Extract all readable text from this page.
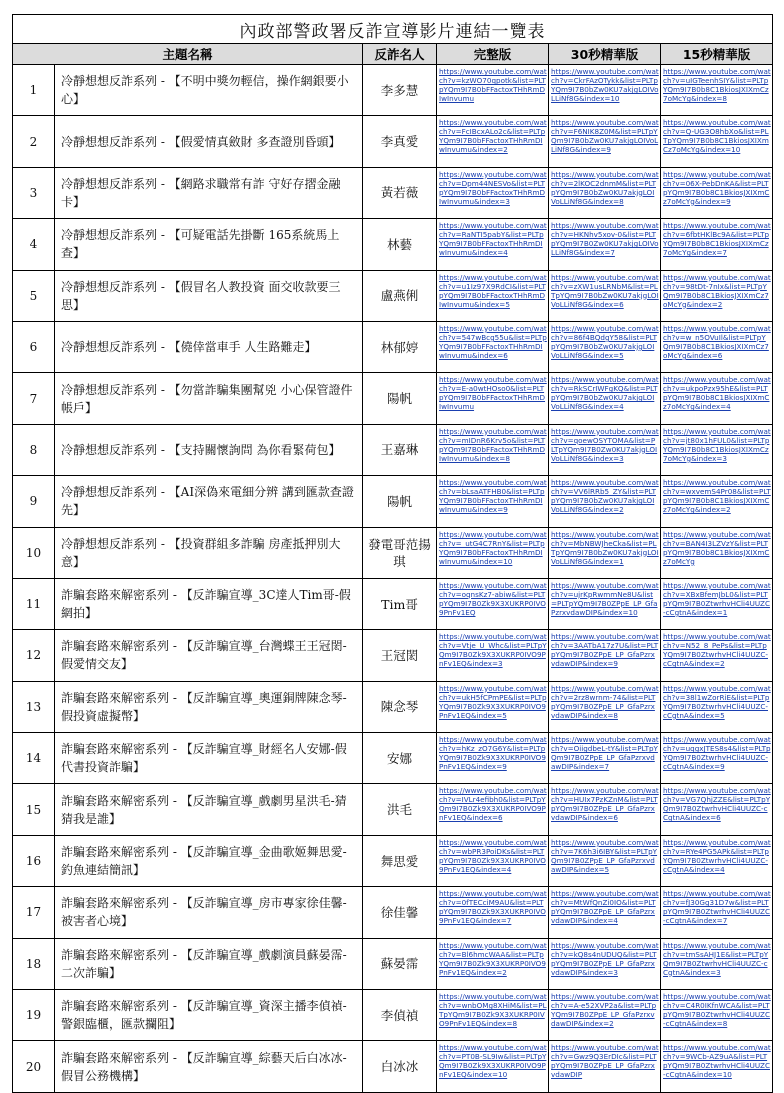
內政部警政署反詐宣導影片連結一覽表					
主題名稱		反詐名人	完整版	30秒精華版	15秒精華版

1	冷靜想想反詐系列 - 【不明中獎勿輕信，操作網銀要小心】	李多慧	https://www.youtube.com/watch?v=kzWO70qpotk&list=PLTpYQm9I7B0bFFactoxTHhRmDIwInvumu	https://www.youtube.com/watch?v=CkrFAzOTykk&list=PLTpYQm9I7B0bZw0KU7akjgLOIVoLLiNf8G&index=10	https://www.youtube.com/watch?v=uIGTeenhSIY&list=PLTpYQm9I7B0b8C1BkiosJXIXmCz7oMcYg&index=8

2	冷靜想想反詐系列 - 【假愛情真斂財 多查證別昏頭】	李真愛	https://www.youtube.com/watch?v=FcIBcxALo2c&list=PLTpYQm9I7B0bFFactoxTHhRmDIwInvumu&index=2	https://www.youtube.com/watch?v=F6NIK8Z0M&list=PLTpYQm9I7B0bZw0KU7akjgLOIVoLLiNf8G&index=9	https://www.youtube.com/watch?v=Q-UG3O8hbXo&list=PLTpYQm9I7B0b8C1BkiosJXIXmCz7oMcYg&index=10

3	冷靜想想反詐系列 - 【網路求職常有詐 守好存摺金融卡】	黃若薇	https://www.youtube.com/watch?v=Dpm44NESVo&list=PLTpYQm9I7B0bFFactoxTHhRmDIwInvumu&index=3	https://www.youtube.com/watch?v=2lKOC2dnmM&list=PLTpYQm9I7B0bZw0KU7akjgLOIVoLLiNf8G&index=8	https://www.youtube.com/watch?v=06X-PebDnKA&list=PLTpYQm9I7B0b8C1BkiosJXIXmCz7oMcYg&index=9

4	冷靜想想反詐系列 - 【可疑電話先掛斷 165系統馬上查】	林藝	https://www.youtube.com/watch?v=RaNTI5pabY&list=PLTpYQm9I7B0bFFactoxTHhRmDIwInvumu&index=4	https://www.youtube.com/watch?v=HKNhv5xov-0&list=PLTpYQm9I7B0Zw0KU7akjgLOIVoLLiNf8G&index=7	https://www.youtube.com/watch?v=6fbtHKlBc9A&list=PLTpYQm9I7B0b8C1BkiosJXIXmCz7oMcYg&index=7

5	冷靜想想反詐系列 - 【假冒名人教投資 面交收款要三思】	盧燕俐	https://www.youtube.com/watch?v=u1Iz97X9RdCI&list=PLTpYQm9I7B0bFFactoxTHhRmDIwInvumu&index=5	https://www.youtube.com/watch?v=zXW1usLRNbM&list=PLTpYQm9I7B0bZw0KU7akjgLOIVoLLiNf8G&index=6	https://www.youtube.com/watch?v=98tDt-7nIx&list=PLTpYQm9I7B0b8C1BkiosJXIXmCz7oMcYg&index=2

6	冷靜想想反詐系列 - 【僥倖當車手 人生路難走】	林郁婷	https://www.youtube.com/watch?v=547wBcg55u&list=PLTpYQm9I7B0bFFactoxTHhRmDIwInvumu&index=6	https://www.youtube.com/watch?v=86f4BQdgY58&list=PLTpYQm9I7B0bZw0KU7akjgLOIVoLLiNf8G&index=5	https://www.youtube.com/watch?v=w_n5OVuIl&list=PLTpYQm9I7B0b8C1BkiosJXIXmCz7oMcYg&index=6

7	冷靜想想反詐系列 - 【勿當詐騙集團幫兇 小心保管證件帳戶】	陽帆	https://www.youtube.com/watch?v=E-a0wtHOso0&list=PLTpYQm9I7B0bFFactoxTHhRmDIwInvumu	https://www.youtube.com/watch?v=RkSCrIWFgKQ&list=PLTpYQm9I7B0bZw0KU7akjgLOIVoLLiNf8G&index=4	https://www.youtube.com/watch?v=ukpoPzx95hE&list=PLTpYQm9I7B0b8C1BkiosJXIXmCz7oMcYg&index=4

8	冷靜想想反詐系列 - 【支持關懷詢問 為你看緊荷包】	王嘉琳	https://www.youtube.com/watch?v=mIDnR6Krv5o&list=PLTpYQm9I7B0bFFactoxTHhRmDIwInvumu&index=8	https://www.youtube.com/watch?v=qoewOSYTOMA&list=PLTpYQm9I7B0Zw0KU7akjgLOIVoLLiNf8G&index=3	https://www.youtube.com/watch?v=jt80x1hFUL0&list=PLTpYQm9I7B0b8C1BkiosJXIXmCz7oMcYg&index=3

9	冷靜想想反詐系列 - 【AI深偽來電細分辨 講到匯款查證先】	陽帆	https://www.youtube.com/watch?v=bLsaATFHB0&list=PLTpYQm9I7B0bFFactoxTHhRmDIwInvumu&index=9	https://www.youtube.com/watch?v=VV6lRRb5_ZY&list=PLTpYQm9I7B0bZw0KU7akjgLOIVoLLiNf8G&index=2	https://www.youtube.com/watch?v=wxvemS4Pr08&list=PLTpYQm9I7B0b8C1BkiosJXIXmCz7oMcYg&index=2

10	冷靜想想反詐系列 - 【投資群組多詐騙 房產抵押別大意】	發電哥范揚琪	https://www.youtube.com/watch?v=_utG4C7RnY&list=PLTpYQm9I7B0bFFactoxTHhRmDIwInvumu&index=10	https://www.youtube.com/watch?v=MbNBWJheCka&list=PLTpYQm9I7B0bZw0KU7akjgLOIVoLLiNf8G&index=1	https://www.youtube.com/watch?v=BAN4I3LZVzY&list=PLTpYQm9I7B0b8C1BkiosJXIXmCz7oMcYg

11	詐騙套路來解密系列 - 【反詐騙宣導_3C達人Tim哥-假網拍】	Tim哥	https://www.youtube.com/watch?v=oqnsKz7-abiw&list=PLTpYQm9I7B0Zk9X3XUKRP0IVO9PnFv1EQ	https://www.youtube.com/watch?v=ujrKpRwmmNe8U&list=PLTpYQm9I7B0ZPpE_LP_GfaPzrxvdawDIP&index=10	https://www.youtube.com/watch?v=XBxBfemJbL0&list=PLTpYQm9I7B0ZtwrhvHCli4UUZC-cCgtnA&index=1

12	詐騙套路來解密系列 - 【反詐騙宣導_台灣蝶王王冠閎-假愛情交友】	王冠閎	https://www.youtube.com/watch?v=Vtje_U_Whc&list=PLTpYQm9I7B0Zk9X3XUKRP0IVO9PnFv1EQ&index=3	https://www.youtube.com/watch?v=3AATbA17z7U&list=PLTpYQm9I7B0ZPpE_LP_GfaPzrxvdawDIP&index=9	https://www.youtube.com/watch?v=N52_8_PePs&list=PLTpYQm9I7B0ZtwrhvHCli4UUZC-cCgtnA&index=2

13	詐騙套路來解密系列 - 【反詐騙宣導_奧運銅牌陳念琴-假投資虛擬幣】	陳念琴	https://www.youtube.com/watch?v=ukH5fCPmPE&list=PLTpYQm9I7B0Zk9X3XUKRP0IVO9PnFv1EQ&index=5	https://www.youtube.com/watch?v=2rz8wrnm-74&list=PLTpYQm9I7B0ZPpE_LP_GfaPzrxvdawDIP&index=8	https://www.youtube.com/watch?v=38l1wZorRiE&list=PLTpYQm9I7B0ZtwrhvHCli4UUZC-cCgtnA&index=5

14	詐騙套路來解密系列 - 【反詐騙宣導_財經名人安娜-假代書投資詐騙】	安娜	https://www.youtube.com/watch?v=hKz_zO7G6Y&list=PLTpYQm9I7B0Zk9X3XUKRP0IVO9PnFv1EQ&index=9	https://www.youtube.com/watch?v=OiigdbeL-tY&list=PLTpYQm9I7B0ZPpE_LP_GfaPzrxvdawDIP&index=7	https://www.youtube.com/watch?v=uqgxJTES8s4&list=PLTpYQm9I7B0ZtwrhvHCli4UUZC-cCgtnA&index=9

15	詐騙套路來解密系列 - 【反詐騙宣導_戲劇男星洪毛-猜猜我是誰】	洪毛	https://www.youtube.com/watch?v=IVLr4efibh0&list=PLTpYQm9I7B0Zk9X3XUKRP0IVO9PnFv1EQ&index=6	https://www.youtube.com/watch?v=HUIx7PzKZnM&list=PLTpYQm9I7B0ZPpE_LP_GfaPzrxvdawDIP&index=6	https://www.youtube.com/watch?v=VG7QhjZZE&list=PLTpYQm9I7B0ZtwrhvHCli4UUZC-cCgtnA&index=6

16	詐騙套路來解密系列 - 【反詐騙宣導_金曲歌姬舞思愛-釣魚連結簡訊】	舞思愛	https://www.youtube.com/watch?v=wbPR3PoiDKs&list=PLTpYQm9I7B0Zk9X3XUKRP0IVO9PnFv1EQ&index=4	https://www.youtube.com/watch?v=7K6h3i6IBY&list=PLTpYQm9I7B0ZPpE_LP_GfaPzrxvdawDIP&index=5	https://www.youtube.com/watch?v=RYe4PG5APk&list=PLTpYQm9I7B0ZtwrhvHCli4UUZC-cCgtnA&index=4

17	詐騙套路來解密系列 - 【反詐騙宣導_房市專家徐佳馨-被害者心境】	徐佳馨	https://www.youtube.com/watch?v=0fTECciM9AU&list=PLTpYQm9I7B0Zk9X3XUKRP0IVO9PnFv1EQ&index=7	https://www.youtube.com/watch?v=MtWfQnZi0IO&list=PLTpYQm9I7B0ZPpE_LP_GfaPzrxvdawDIP&index=4	https://www.youtube.com/watch?v=fJ30Gg31D7w&list=PLTpYQm9I7B0ZtwrhvHCli4UUZC-cCgtnA&index=7

18	詐騙套路來解密系列 - 【反詐騙宣導_戲劇演員蘇晏霈-二次詐騙】	蘇晏霈	https://www.youtube.com/watch?v=Bl6hmcWAA&list=PLTpYQm9I7B0Zk9X3XUKRP0IVO9PnFv1EQ&index=2	https://www.youtube.com/watch?v=kQ8s4nUDUQ&list=PLTpYQm9I7B0ZPpE_LP_GfaPzrxvdawDIP&index=3	https://www.youtube.com/watch?v=tmSsAHJ1E&list=PLTpYQm9I7B0ZtwrhvHCli4UUZC-cCgtnA&index=3

19	詐騙套路來解密系列 - 【反詐騙宣導_資深主播李偵禎-警銀臨櫃，匯款攔阻】	李偵禎	https://www.youtube.com/watch?v=wnbOMg8XHiM&list=PLTpYQm9I7B0Zk9X3XUKRP0IVO9PnFv1EQ&index=8	https://www.youtube.com/watch?v=A-e52XVP2a&list=PLTpYQm9I7B0ZPpE_LP_GfaPzrxvdawDIP&index=2	https://www.youtube.com/watch?v=C4R0IKfnWCA&list=PLTpYQm9I7B0ZtwrhvHCli4UUZC-cCgtnA&index=8

20	詐騙套路來解密系列 - 【反詐騙宣導_綜藝天后白冰冰-假冒公務機構】	白冰冰	https://www.youtube.com/watch?v=PT0B-SL9Iw&list=PLTpYQm9I7B0Zk9X3XUKRP0IVO9PnFv1EQ&index=10	https://www.youtube.com/watch?v=Gwz9Q3ErDIc&list=PLTpYQm9I7B0ZPpE_LP_GfaPzrxvdawDIP	https://www.youtube.com/watch?v=9WCb-AZ9uA&list=PLTpYQm9I7B0ZtwrhvHCli4UUZC-cCgtnA&index=10
